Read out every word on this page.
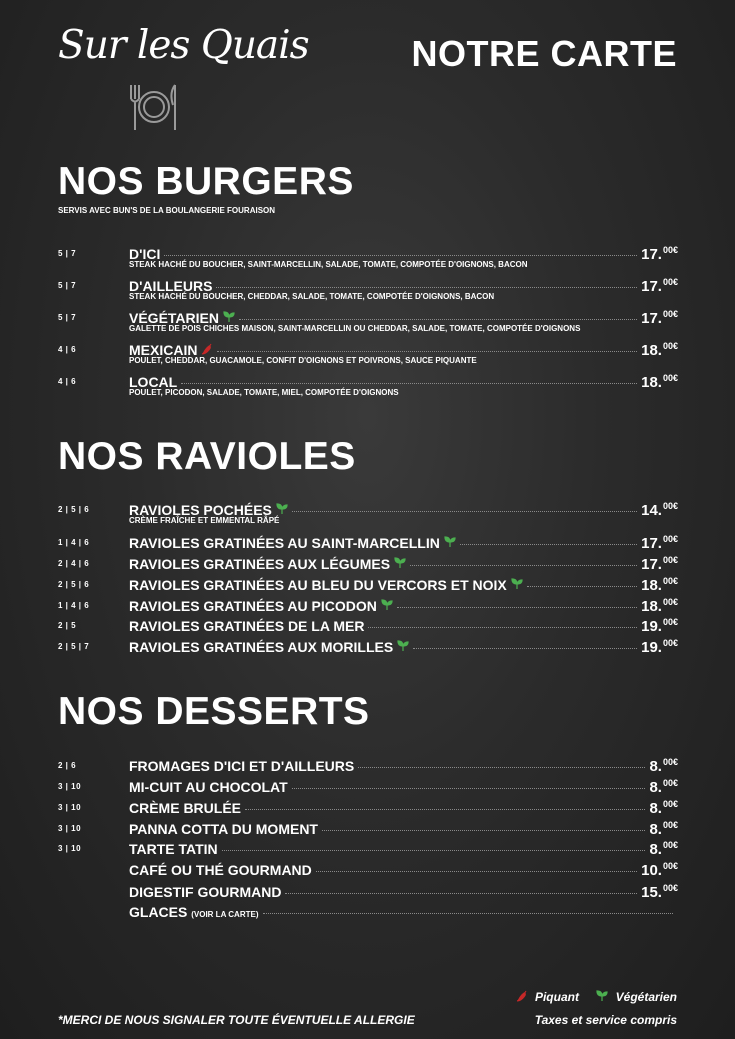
Sur les Quais	NOTRE CARTE
NOS BURGERS
SERVIS AVEC BUN'S DE LA BOULANGERIE FOURAISON
NOS RAVIOLES
NOS DESSERTS
5 | 7	D'ICI	17.$^{00€}$
STEAK HACHÉ DU BOUCHER, SAINT-MARCELLIN, SALADE, TOMATE, COMPOTÉE D'OIGNONS, BACON
5 | 7	D'AILLEURS	17.$^{00€}$
STEAK HACHÉ DU BOUCHER, CHEDDAR, SALADE, TOMATE, COMPOTÉE D'OIGNONS, BACON
5 | 7	VÉGÉTARIEN	17.$^{00€}$
GALETTE DE POIS CHICHES MAISON, SAINT-MARCELLIN OU CHEDDAR, SALADE, TOMATE, COMPOTÉE D'OIGNONS
4 | 6	MEXICAIN	18.$^{00€}$
POULET, CHEDDAR, GUACAMOLE, CONFIT D'OIGNONS ET POIVRONS, SAUCE PIQUANTE
4 | 6	LOCAL	18.$^{00€}$
POULET, PICODON, SALADE, TOMATE, MIEL, COMPOTÉE D'OIGNONS
2 | 5 | 6	RAVIOLES POCHÉES	14.$^{00€}$
CRÈME FRAÎCHE ET EMMENTAL RÂPÉ
1 | 4 | 6	RAVIOLES GRATINÉES AU SAINT-MARCELLIN	17.$^{00€}$
2 | 4 | 6	RAVIOLES GRATINÉES AUX LÉGUMES	17.$^{00€}$
2 | 5 | 6	RAVIOLES GRATINÉES AU BLEU DU VERCORS ET NOIX	18.$^{00€}$
1 | 4 | 6	RAVIOLES GRATINÉES AU PICODON	18.$^{00€}$
2 | 5	RAVIOLES GRATINÉES DE LA MER	19.$^{00€}$
2 | 5 | 7	RAVIOLES GRATINÉES AUX MORILLES	19.$^{00€}$
2 | 6	FROMAGES D'ICI ET D'AILLEURS	8.$^{00€}$
3 | 10	MI-CUIT AU CHOCOLAT	8.$^{00€}$
3 | 10	CRÈME BRULÉE	8.$^{00€}$
3 | 10	PANNA COTTA DU MOMENT	8.$^{00€}$
3 | 10	TARTE TATIN	8.$^{00€}$
CAFÉ OU THÉ GOURMAND	10.$^{00€}$
DIGESTIF GOURMAND	15.$^{00€}$
GLACES (VOIR LA CARTE)
Piquant	Végétarien
*MERCI DE NOUS SIGNALER TOUTE ÉVENTUELLE ALLERGIE	Taxes et service compris
